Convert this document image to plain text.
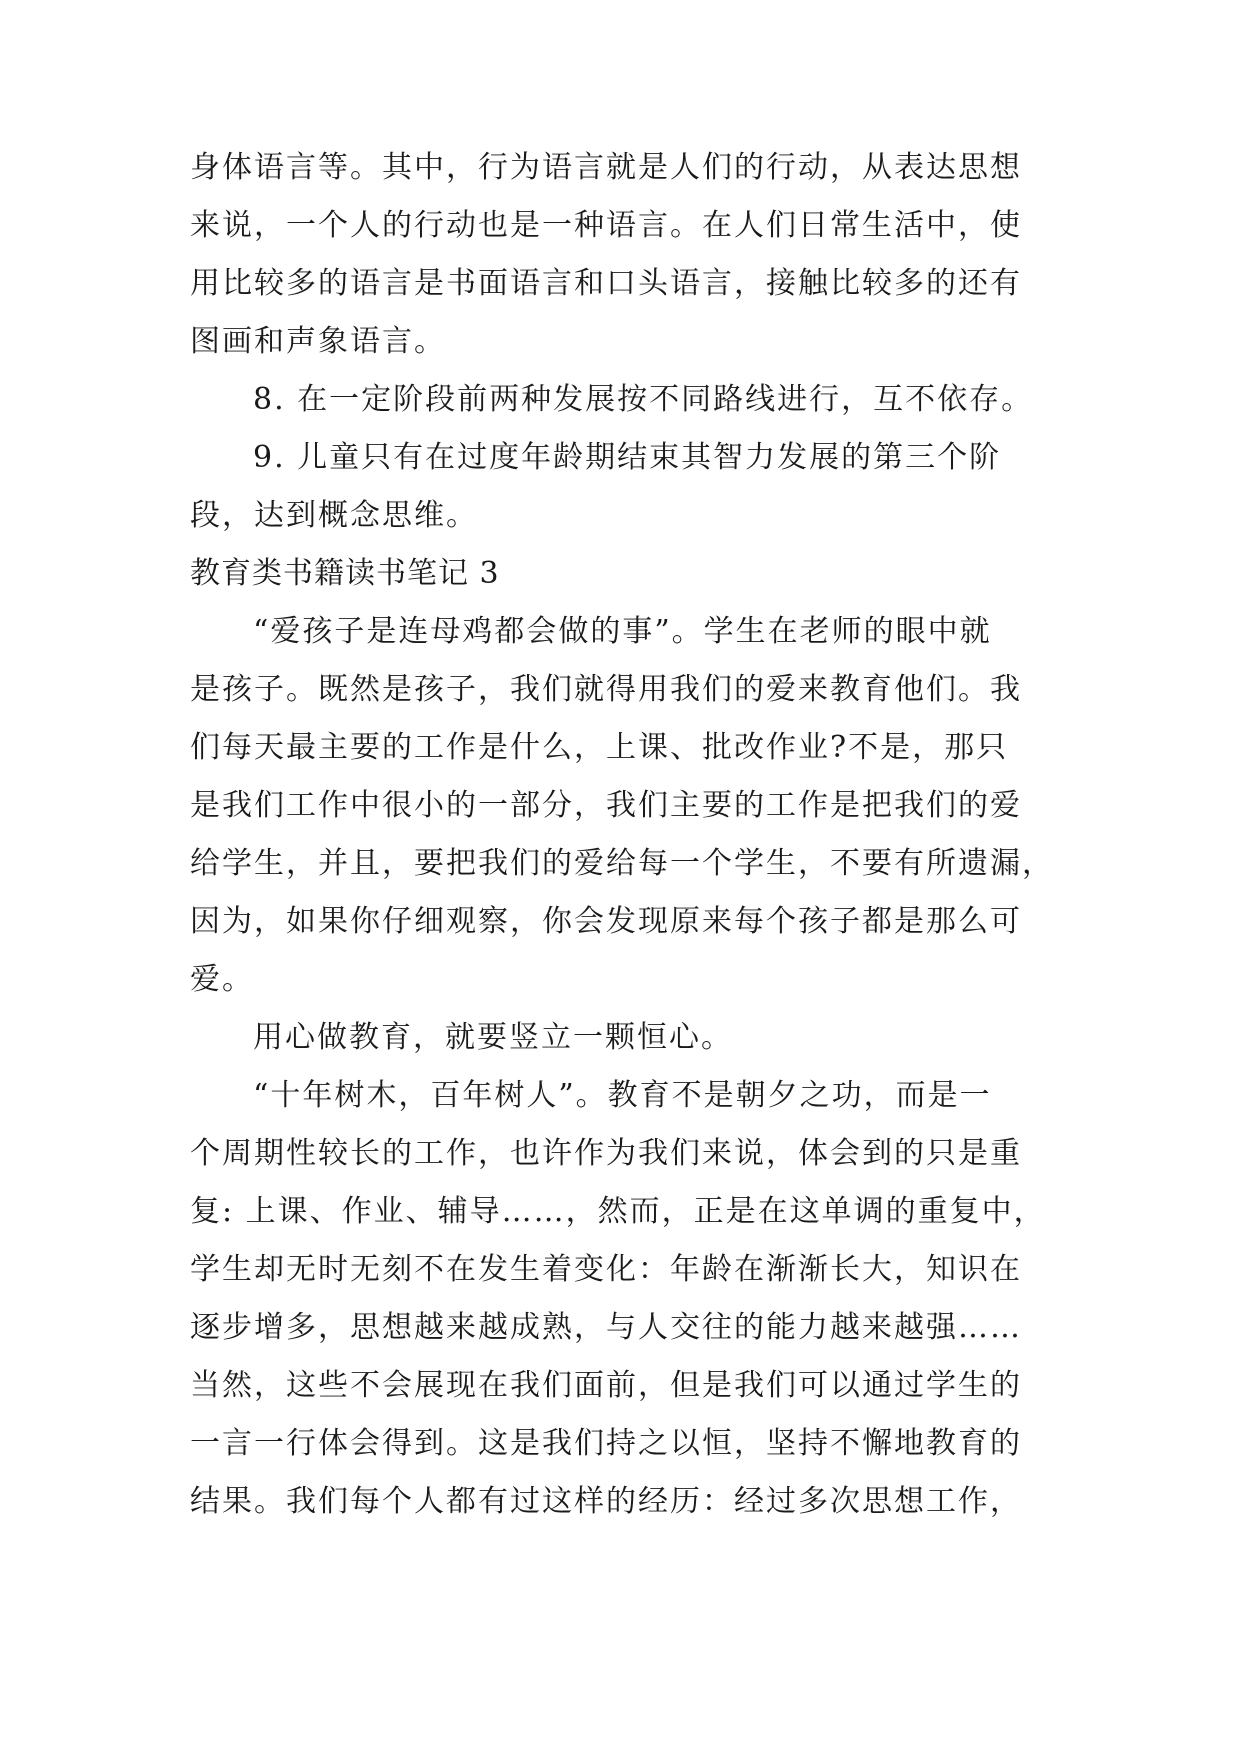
身体语言等。其中，行为语言就是人们的行动，从表达思想

来说，一个人的行动也是一种语言。在人们日常生活中，使

用比较多的语言是书面语言和口头语言，接触比较多的还有

图画和声象语言。

8. 在一定阶段前两种发展按不同路线进行，互不依存。

9. 儿童只有在过度年龄期结束其智力发展的第三个阶

段，达到概念思维。

教育类书籍读书笔记 3

“爱孩子是连母鸡都会做的事”。学生在老师的眼中就

是孩子。既然是孩子，我们就得用我们的爱来教育他们。我

们每天最主要的工作是什么，上课、批改作业?不是，那只

是我们工作中很小的一部分，我们主要的工作是把我们的爱

给学生，并且，要把我们的爱给每一个学生，不要有所遗漏，

因为，如果你仔细观察，你会发现原来每个孩子都是那么可

爱。

用心做教育，就要竖立一颗恒心。

“十年树木，百年树人”。教育不是朝夕之功，而是一

个周期性较长的工作，也许作为我们来说，体会到的只是重

复: 上课、作业、辅导……，然而，正是在这单调的重复中，

学生却无时无刻不在发生着变化：年龄在渐渐长大，知识在

逐步增多，思想越来越成熟，与人交往的能力越来越强……

当然，这些不会展现在我们面前，但是我们可以通过学生的

一言一行体会得到。这是我们持之以恒，坚持不懈地教育的

结果。我们每个人都有过这样的经历：经过多次思想工作，
